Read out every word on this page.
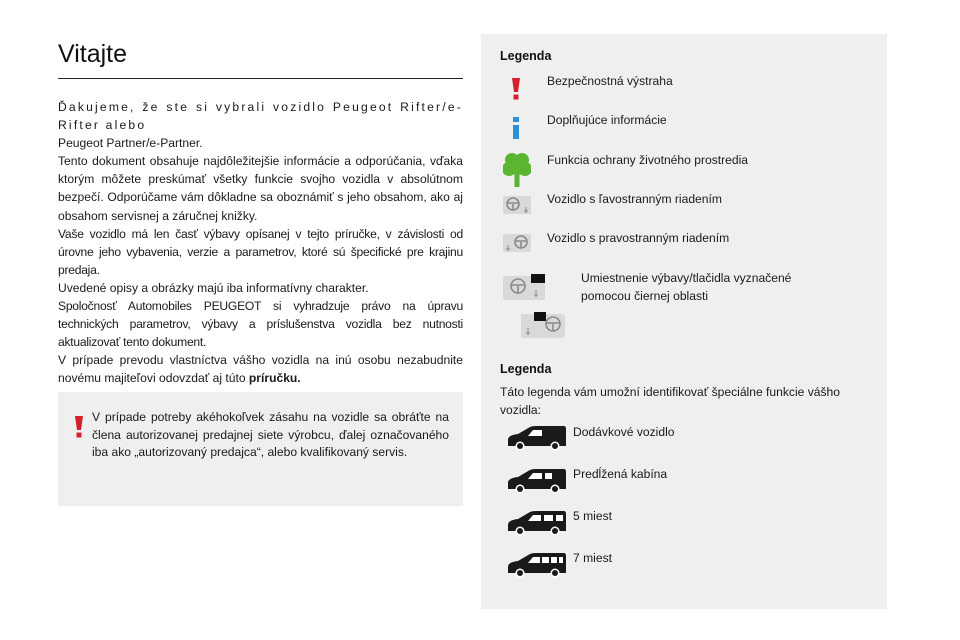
Vitajte

Ďakujeme, že ste si vybrali vozidlo Peugeot Rifter/e-Rifter alebo
Peugeot Partner/e-Partner.

Tento dokument obsahuje najdôležitejšie informácie a odporúčania, vďaka ktorým môžete preskúmať všetky funkcie svojho vozidla v absolútnom bezpečí. Odporúčame vám dôkladne sa oboznámiť s jeho obsahom, ako aj obsahom servisnej a záručnej knižky.

Vaše vozidlo má len časť výbavy opísanej v tejto príručke, v závislosti od úrovne jeho vybavenia, verzie a parametrov, ktoré sú špecifické pre krajinu predaja.

Uvedené opisy a obrázky majú iba informatívny charakter.

Spoločnosť Automobiles PEUGEOT si vyhradzuje právo na úpravu technických parametrov, výbavy a príslušenstva vozidla bez nutnosti aktualizovať tento dokument.

V prípade prevodu vlastníctva vášho vozidla na inú osobu nezabudnite novému majiteľovi odovzdať aj túto príručku.

V prípade potreby akéhokoľvek zásahu na vozidle sa obráťte na člena autorizovanej predajnej siete výrobcu, ďalej označovaného iba ako „autorizovaný predajca“, alebo kvalifikovaný servis.
Legenda
Bezpečnostná výstraha
Doplňujúce informácie
Funkcia ochrany životného prostredia
Vozidlo s ľavostranným riadením
Vozidlo s pravostranným riadením
Umiestnenie výbavy/tlačidla vyznačené pomocou čiernej oblasti
Legenda
Táto legenda vám umožní identifikovať špeciálne funkcie vášho vozidla:
Dodávkové vozidlo
Predĺžená kabína
5 miest
7 miest
